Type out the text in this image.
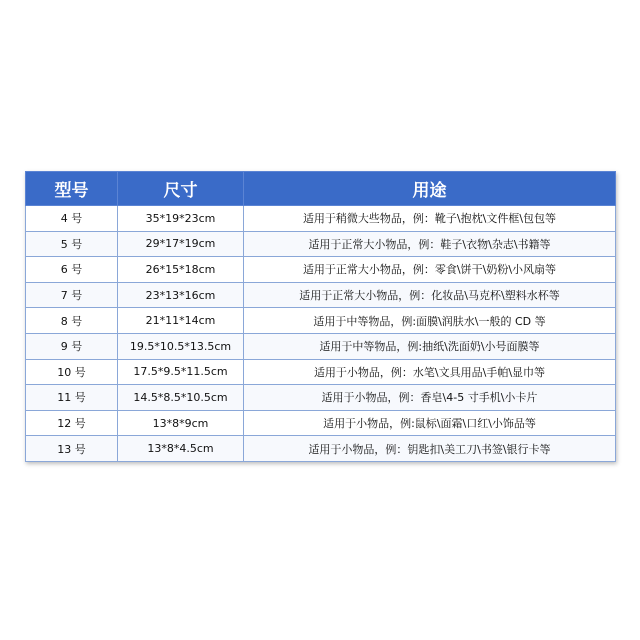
型号	尺寸	用途
4 号	35*19*23cm	适用于稍微大些物品，例：靴子\抱枕\文件框\包包等
5 号	29*17*19cm	适用于正常大小物品，例：鞋子\衣物\杂志\书籍等
6 号	26*15*18cm	适用于正常大小物品，例：零食\饼干\奶粉\小风扇等
7 号	23*13*16cm	适用于正常大小物品，例：化妆品\马克杯\塑料水杯等
8 号	21*11*14cm	适用于中等物品，例:面膜\润肤水\一般的 CD 等
9 号	19.5*10.5*13.5cm	适用于中等物品，例:抽纸\洗面奶\小号面膜等
10 号	17.5*9.5*11.5cm	适用于小物品，例：水笔\文具用品\手帕\显巾等
11 号	14.5*8.5*10.5cm	适用于小物品，例：香皂\4-5 寸手机\小卡片
12 号	13*8*9cm	适用于小物品，例:鼠标\面霜\口红\小饰品等
13 号	13*8*4.5cm	适用于小物品，例：钥匙扣\美工刀\书签\银行卡等
